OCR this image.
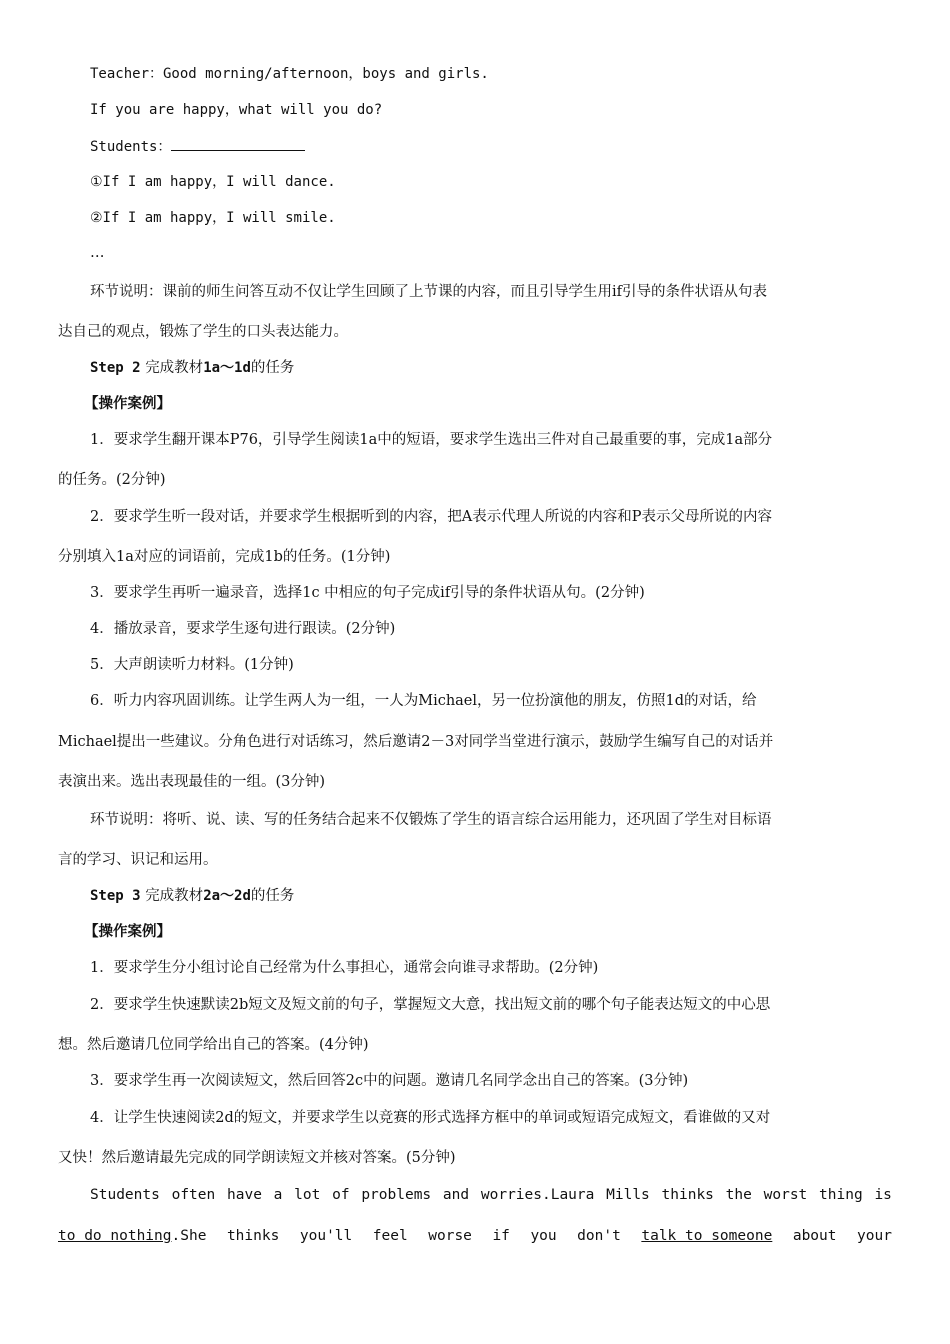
Teacher：Good morning/afternoon，boys and girls.
If you are happy，what will you do?
Students：
①If I am happy，I will dance.
②If I am happy，I will smile.
…
环节说明：课前的师生问答互动不仅让学生回顾了上节课的内容，而且引导学生用if引导的条件状语从句表
达自己的观点，锻炼了学生的口头表达能力。
Step 2 完成教材1a～1d的任务
【操作案例】
1．要求学生翻开课本P76，引导学生阅读1a中的短语，要求学生选出三件对自己最重要的事，完成1a部分
的任务。(2分钟)
2．要求学生听一段对话，并要求学生根据听到的内容，把A表示代理人所说的内容和P表示父母所说的内容
分别填入1a对应的词语前，完成1b的任务。(1分钟)
3．要求学生再听一遍录音，选择1c 中相应的句子完成if引导的条件状语从句。(2分钟)
4．播放录音，要求学生逐句进行跟读。(2分钟)
5．大声朗读听力材料。(1分钟)
6．听力内容巩固训练。让学生两人为一组，一人为Michael，另一位扮演他的朋友，仿照1d的对话，给
Michael提出一些建议。分角色进行对话练习，然后邀请2－3对同学当堂进行演示，鼓励学生编写自己的对话并
表演出来。选出表现最佳的一组。(3分钟)
环节说明：将听、说、读、写的任务结合起来不仅锻炼了学生的语言综合运用能力，还巩固了学生对目标语
言的学习、识记和运用。
Step 3 完成教材2a～2d的任务
【操作案例】
1．要求学生分小组讨论自己经常为什么事担心，通常会向谁寻求帮助。(2分钟)
2．要求学生快速默读2b短文及短文前的句子，掌握短文大意，找出短文前的哪个句子能表达短文的中心思
想。然后邀请几位同学给出自己的答案。(4分钟)
3．要求学生再一次阅读短文，然后回答2c中的问题。邀请几名同学念出自己的答案。(3分钟)
4．让学生快速阅读2d的短文，并要求学生以竞赛的形式选择方框中的单词或短语完成短文，看谁做的又对
又快！然后邀请最先完成的同学朗读短文并核对答案。(5分钟)
Students often have a lot of problems and worries.Laura Mills thinks the worst thing is
to do nothing.She thinks you'll feel worse if you don't talk to someone about your
